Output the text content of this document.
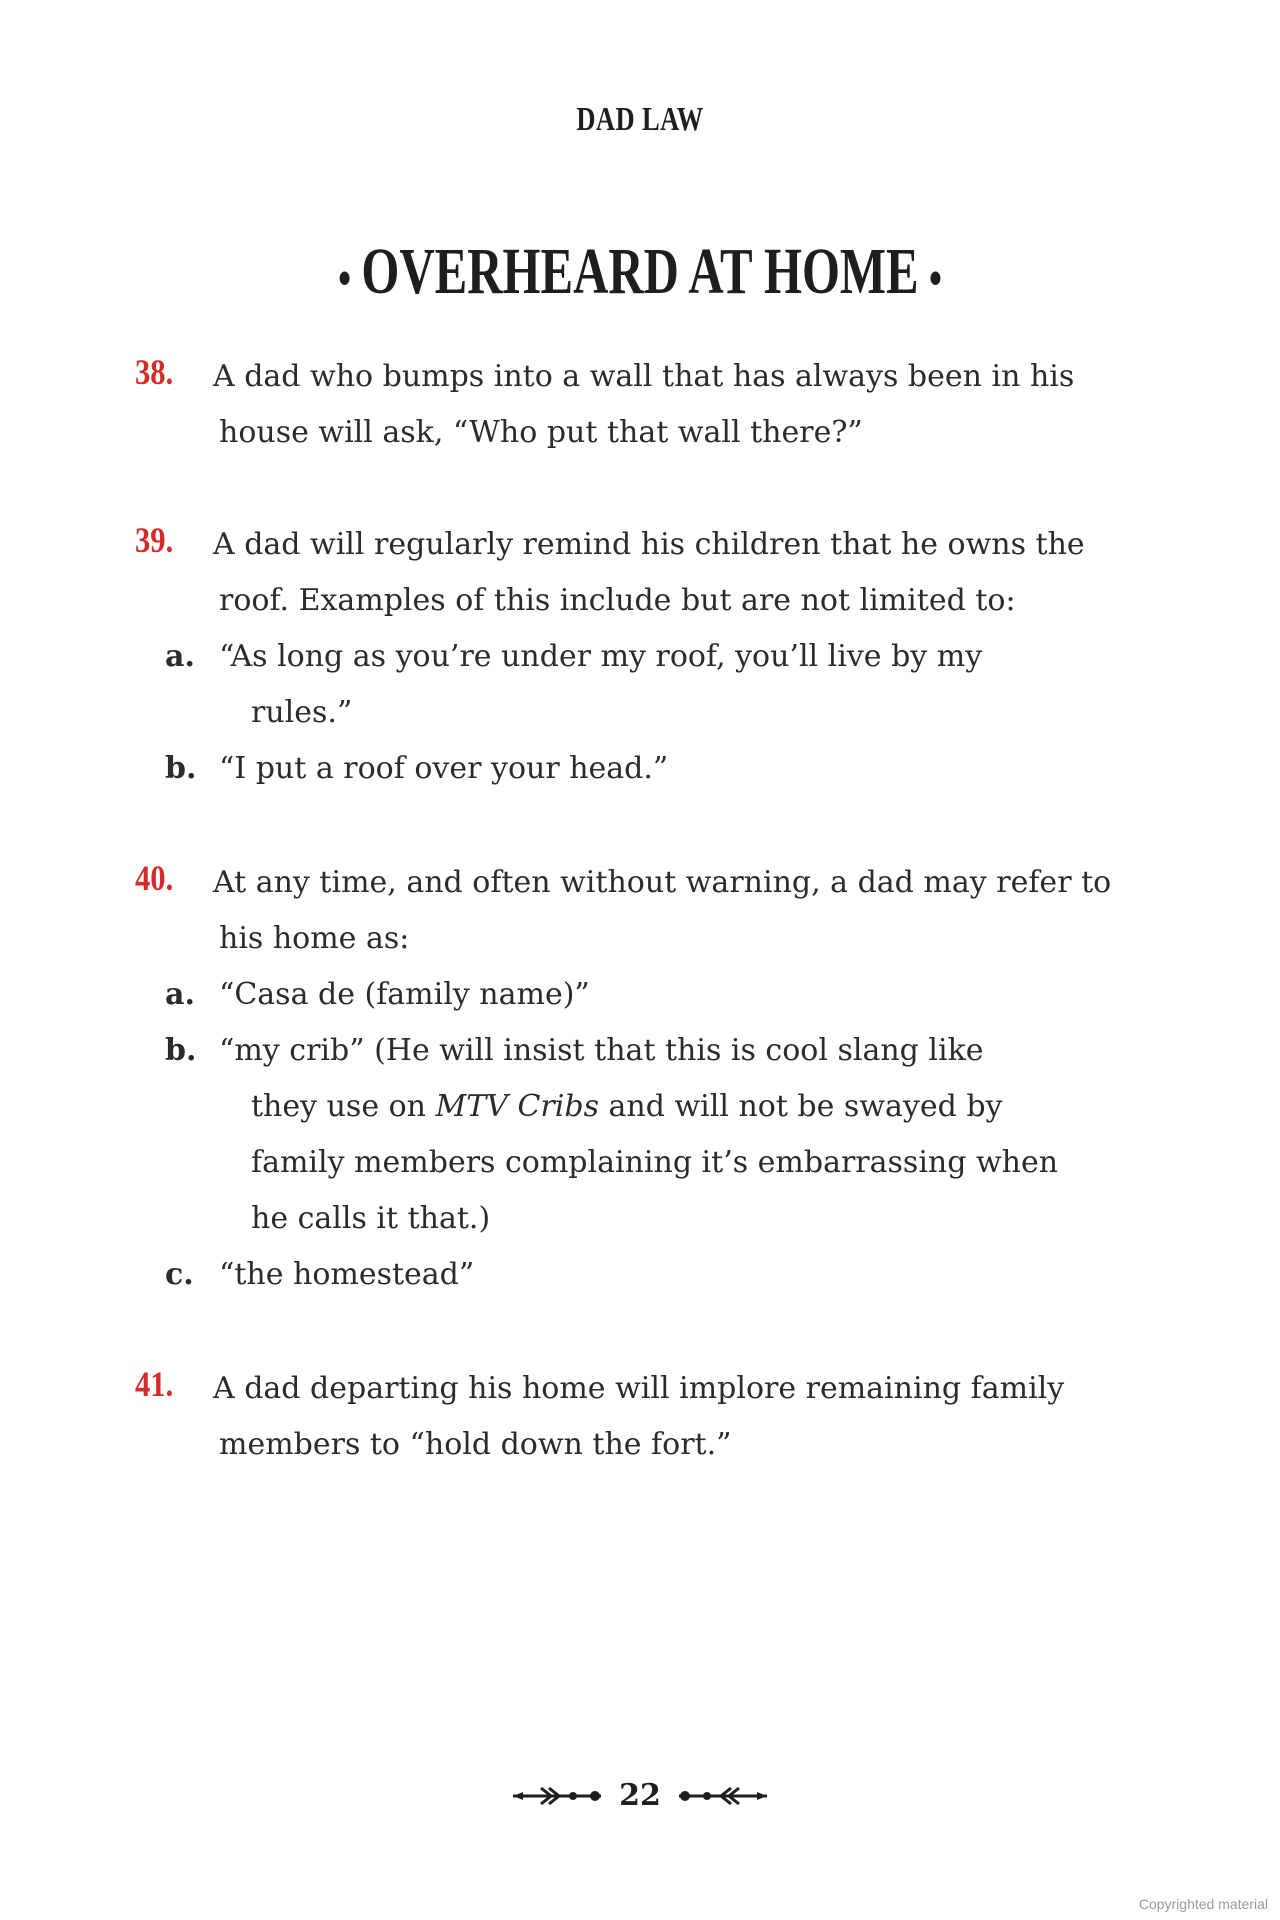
DAD LAW
• OVERHEARD AT HOME •
38. A dad who bumps into a wall that has always been in his
house will ask, “Who put that wall there?”
39. A dad will regularly remind his children that he owns the
roof. Examples of this include but are not limited to:
a. “As long as you’re under my roof, you’ll live by my
rules.”
b. “I put a roof over your head.”
40. At any time, and often without warning, a dad may refer to
his home as:
a. “Casa de (family name)”
b. “my crib” (He will insist that this is cool slang like
they use on MTV Cribs and will not be swayed by
family members complaining it’s embarrassing when
he calls it that.)
c. “the homestead”
41. A dad departing his home will implore remaining family
members to “hold down the fort.”
22
Copyrighted material
